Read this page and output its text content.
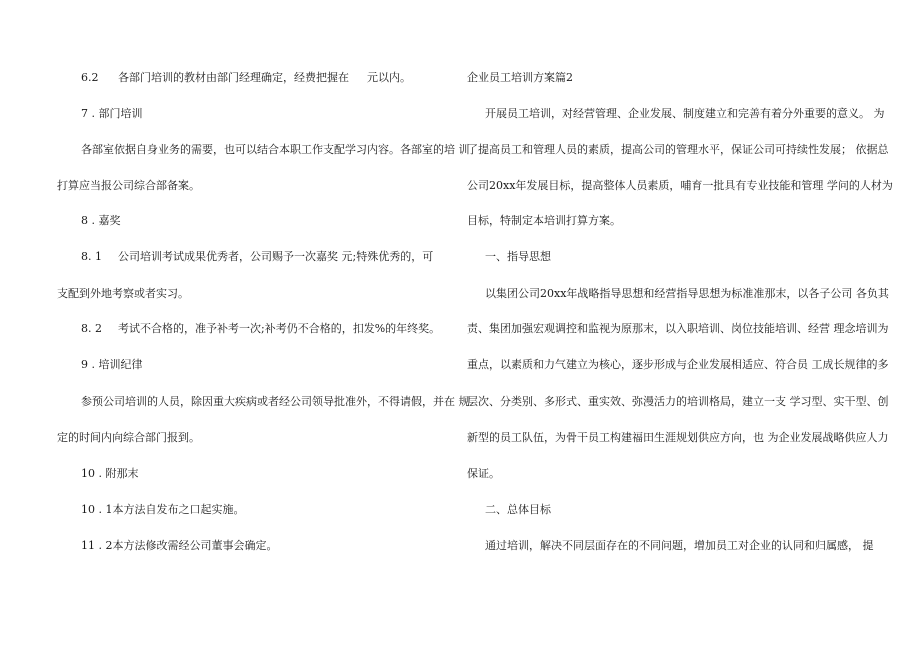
6.2 各部门培训的教材由部门经理确定，经费把握在 元以内。
7 . 部门培训
各部室依据自身业务的需要，也可以结合本职工作支配学习内容。各部室的培 训
打算应当报公司综合部备案。
8 . 嘉奖
8. 1 公司培训考试成果优秀者，公司赐予一次嘉奖 元;特殊优秀的，可
支配到外地考察或者实习。
8. 2 考试不合格的，准予补考一次;补考仍不合格的，扣发%的年终奖。
9 . 培训纪律
参预公司培训的人员，除因重大疾病或者经公司领导批准外，不得请假，并在 规
定的时间内向综合部门报到。
10 . 附那末
10 . 1本方法自发布之口起实施。
11 . 2本方法修改需经公司董事会确定。
企业员工培训方案篇2
开展员工培训，对经营管理、企业发展、制度建立和完善有着分外重要的意义。 为
了提高员工和管理人员的素质，提高公司的管理水平，保证公司可持续性发展； 依据总
公司20xx年发展目标，提高整体人员素质，哺育一批具有专业技能和管理 学问的人材为
目标，特制定本培训打算方案。
一、指导思想
以集团公司20xx年战略指导思想和经营指导思想为标准准那末，以各子公司 各负其
责、集团加强宏观调控和监视为原那末，以入职培训、岗位技能培训、经营 理念培训为
重点，以素质和力气建立为核心，逐步形成与企业发展相适应、符合员 工成长规律的多
层次、分类别、多形式、重实效、弥漫活力的培训格局，建立一支 学习型、实干型、创
新型的员工队伍，为骨干员工构建福田生涯规划供应方向，也 为企业发展战略供应人力
保证。
二、总体目标
通过培训，解决不同层面存在的不同问题，增加员工对企业的认同和归属感， 提
